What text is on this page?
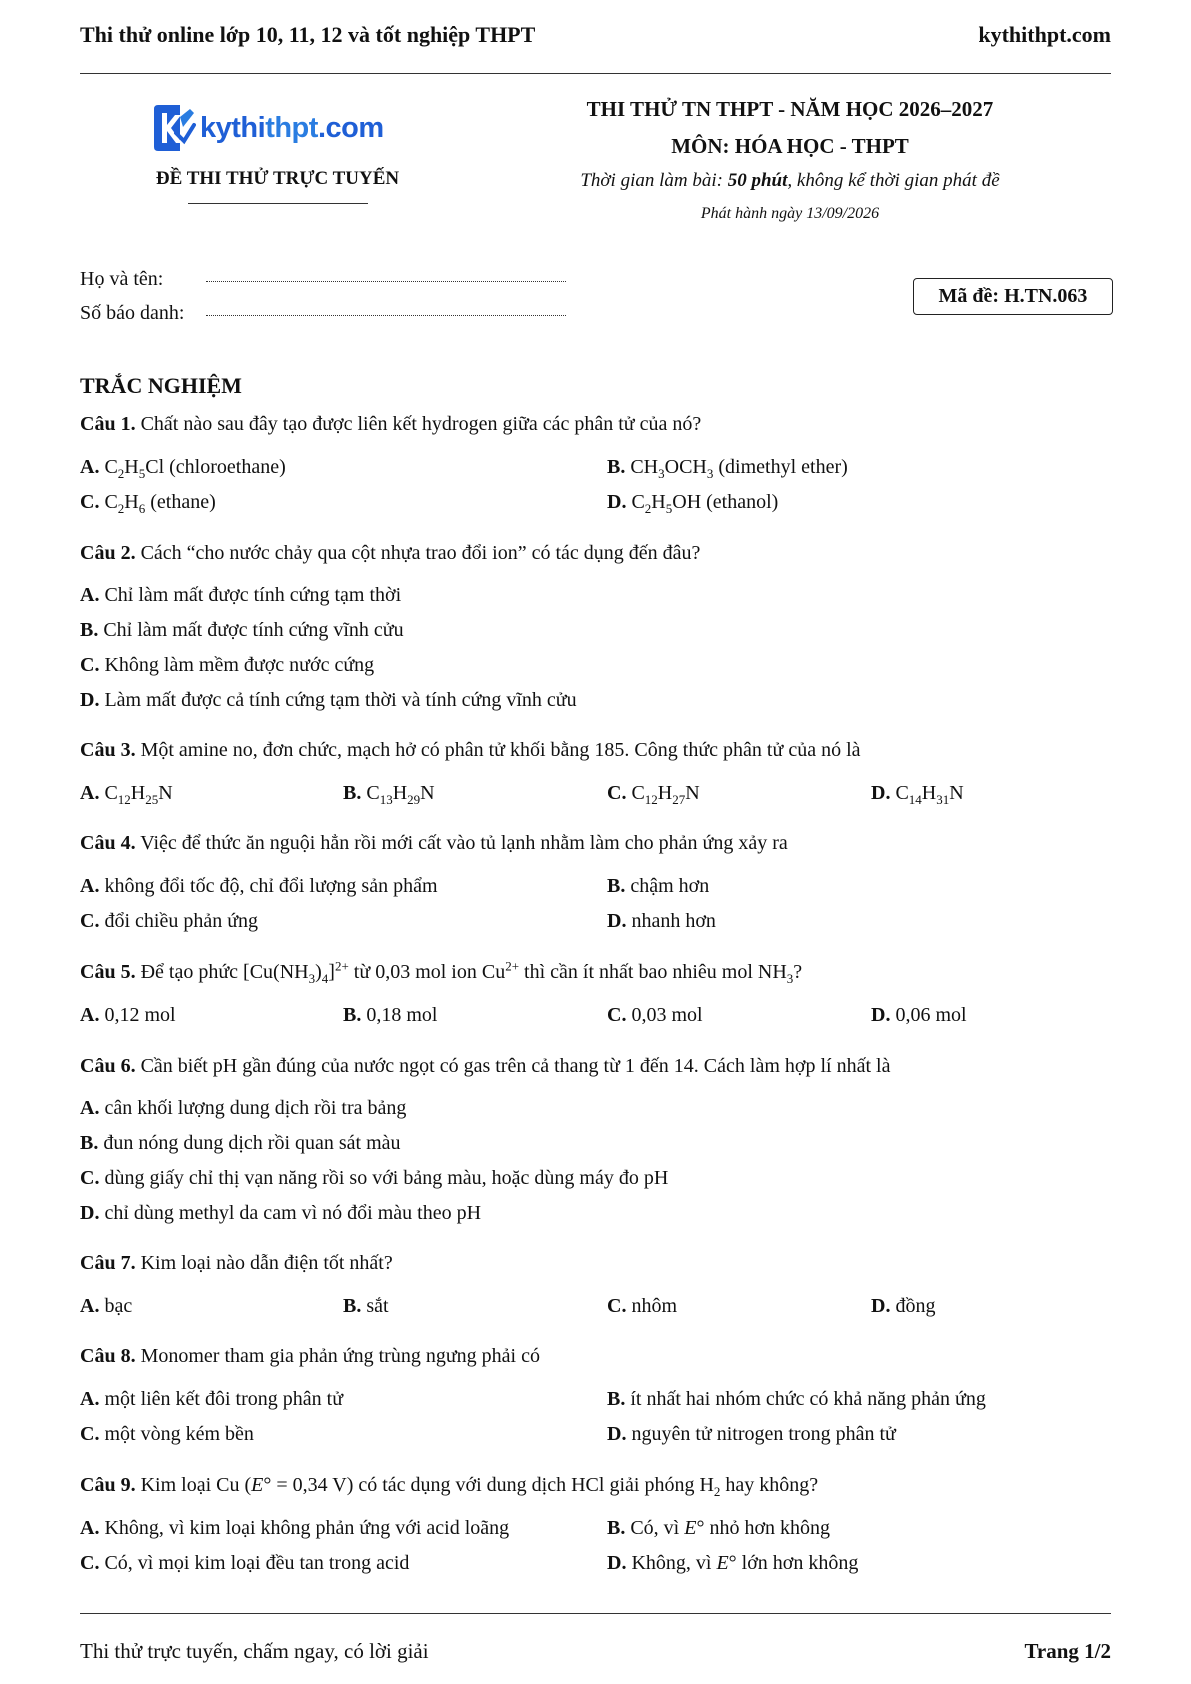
Thi thử online lớp 10, 11, 12 và tốt nghiệp THPT	kythithpt.com
kythithpt.com
ĐỀ THI THỬ TRỰC TUYẾN
THI THỬ TN THPT - NĂM HỌC 2026–2027
MÔN: HÓA HỌC - THPT
Thời gian làm bài: 50 phút, không kể thời gian phát đề
Phát hành ngày 13/09/2026
Họ và tên:
Số báo danh:
Mã đề: H.TN.063
TRẮC NGHIỆM
Câu 1. Chất nào sau đây tạo được liên kết hydrogen giữa các phân tử của nó?
A. $C_2H_5Cl$ (chloroethane)	B. $CH_3OCH_3$ (dimethyl ether)
C. $C_2H_6$ (ethane)	D. $C_2H_5OH$ (ethanol)
Câu 2. Cách “cho nước chảy qua cột nhựa trao đổi ion” có tác dụng đến đâu?
A. Chỉ làm mất được tính cứng tạm thời
B. Chỉ làm mất được tính cứng vĩnh cửu
C. Không làm mềm được nước cứng
D. Làm mất được cả tính cứng tạm thời và tính cứng vĩnh cửu
Câu 3. Một amine no, đơn chức, mạch hở có phân tử khối bằng 185. Công thức phân tử của nó là
A. $C_{12}H_{25}N$	B. $C_{13}H_{29}N$	C. $C_{12}H_{27}N$	D. $C_{14}H_{31}N$
Câu 4. Việc để thức ăn nguội hẳn rồi mới cất vào tủ lạnh nhằm làm cho phản ứng xảy ra
A. không đổi tốc độ, chỉ đổi lượng sản phẩm	B. chậm hơn
C. đổi chiều phản ứng	D. nhanh hơn
Câu 5. Để tạo phức $[Cu(NH_3)_4]^{2+}$ từ 0,03 mol ion $Cu^{2+}$ thì cần ít nhất bao nhiêu mol $NH_3$?
A. 0,12 mol	B. 0,18 mol	C. 0,03 mol	D. 0,06 mol
Câu 6. Cần biết pH gần đúng của nước ngọt có gas trên cả thang từ 1 đến 14. Cách làm hợp lí nhất là
A. cân khối lượng dung dịch rồi tra bảng
B. đun nóng dung dịch rồi quan sát màu
C. dùng giấy chỉ thị vạn năng rồi so với bảng màu, hoặc dùng máy đo pH
D. chỉ dùng methyl da cam vì nó đổi màu theo pH
Câu 7. Kim loại nào dẫn điện tốt nhất?
A. bạc	B. sắt	C. nhôm	D. đồng
Câu 8. Monomer tham gia phản ứng trùng ngưng phải có
A. một liên kết đôi trong phân tử	B. ít nhất hai nhóm chức có khả năng phản ứng
C. một vòng kém bền	D. nguyên tử nitrogen trong phân tử
Câu 9. Kim loại Cu (E° = 0,34 V) có tác dụng với dung dịch HCl giải phóng $H_2$ hay không?
A. Không, vì kim loại không phản ứng với acid loãng	B. Có, vì E° nhỏ hơn không
C. Có, vì mọi kim loại đều tan trong acid	D. Không, vì E° lớn hơn không
Thi thử trực tuyến, chấm ngay, có lời giải	Trang 1/2
